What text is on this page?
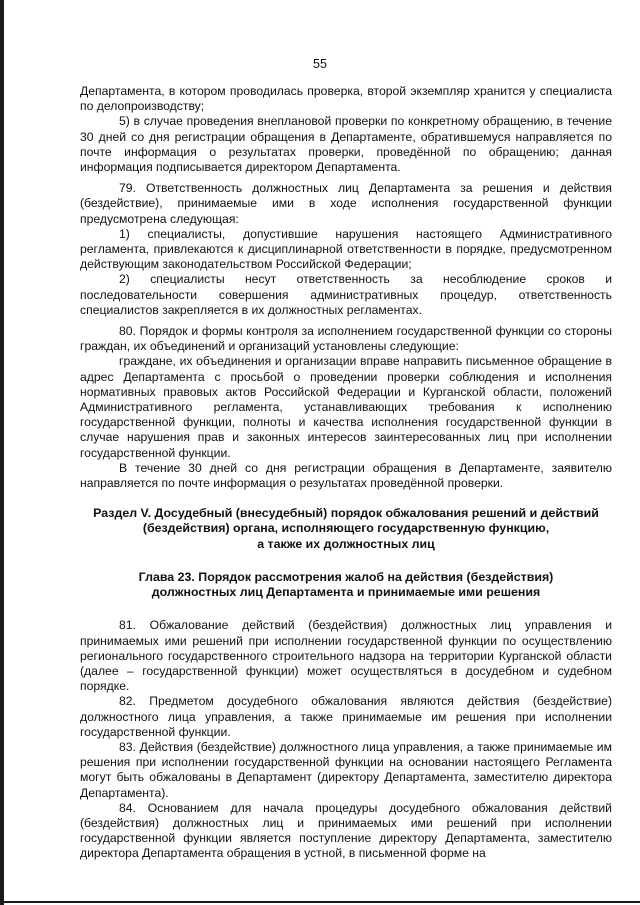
55

Департамента, в котором проводилась проверка, второй экземпляр хранится у специалиста по делопроизводству;

5) в случае проведения внеплановой проверки по конкретному обращению, в течение 30 дней со дня регистрации обращения в Департаменте, обратившемуся направляется по почте информация о результатах проверки, проведённой по обращению; данная информация подписывается директором Департамента.

79. Ответственность должностных лиц Департамента за решения и действия (бездействие), принимаемые ими в ходе исполнения государственной функции предусмотрена следующая:

1) специалисты, допустившие нарушения настоящего Административного регламента, привлекаются к дисциплинарной ответственности в порядке, предусмотренном действующим законодательством Российской Федерации;

2) специалисты несут ответственность за несоблюдение сроков и последовательности совершения административных процедур, ответственность специалистов закрепляется в их должностных регламентах.

80. Порядок и формы контроля за исполнением государственной функции со стороны граждан, их объединений и организаций установлены следующие:

граждане, их объединения и организации вправе направить письменное обращение в адрес Департамента с просьбой о проведении проверки соблюдения и исполнения нормативных правовых актов Российской Федерации и Курганской области, положений Административного регламента, устанавливающих требования к исполнению государственной функции, полноты и качества исполнения государственной функции в случае нарушения прав и законных интересов заинтересованных лиц при исполнении государственной функции.

В течение 30 дней со дня регистрации обращения в Департаменте, заявителю направляется по почте информация о результатах проведённой проверки.

Раздел V. Досудебный (внесудебный) порядок обжалования решений и действий
(бездействия) органа, исполняющего государственную функцию,
а также их должностных лиц
Глава 23. Порядок рассмотрения жалоб на действия (бездействия)
должностных лиц Департамента и принимаемые ими решения

81. Обжалование действий (бездействия) должностных лиц управления и принимаемых ими решений при исполнении государственной функции по осуществлению регионального государственного строительного надзора на территории Курганской области (далее – государственной функции) может осуществляться в досудебном и судебном порядке.

82. Предметом досудебного обжалования являются действия (бездействие) должностного лица управления, а также принимаемые им решения при исполнении государственной функции.

83. Действия (бездействие) должностного лица управления, а также принимаемые им решения при исполнении государственной функции на основании настоящего Регламента могут быть обжалованы в Департамент (директору Департамента, заместителю директора Департамента).

84. Основанием для начала процедуры досудебного обжалования действий (бездействия) должностных лиц и принимаемых ими решений при исполнении государственной функции является поступление директору Департамента, заместителю директора Департамента обращения в устной, в письменной форме на
